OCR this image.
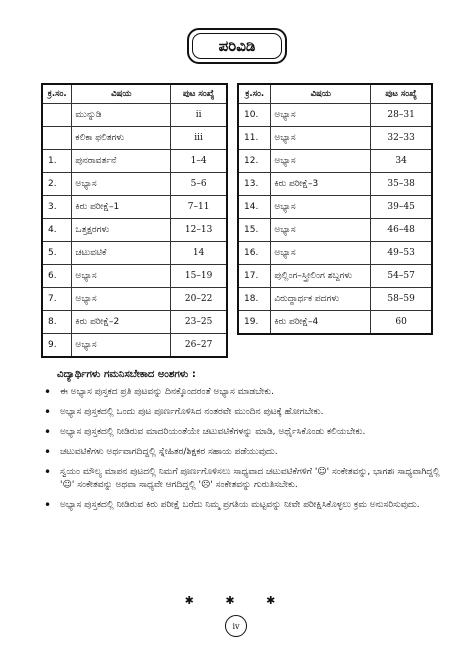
ಪರಿವಿಡಿ
ಕ್ರ.ಸಂ.	ವಿಷಯ	ಪುಟ ಸಂಖ್ಯೆ
	ಮುನ್ನುಡಿ	ii
	ಕಲಿಕಾ ಫಲಿತಗಳು	iii
1.	ಪುನರಾವರ್ತನೆ	1–4
2.	ಅಭ್ಯಾಸ	5–6
3.	ಕಿರು ಪರೀಕ್ಷೆ–1	7–11
4.	ಒತ್ತಕ್ಷರಗಳು	12–13
5.	ಚಟುವಟಿಕೆ	14
6.	ಅಭ್ಯಾಸ	15–19
7.	ಅಭ್ಯಾಸ	20–22
8.	ಕಿರು ಪರೀಕ್ಷೆ–2	23–25
9.	ಅಭ್ಯಾಸ	26–27
ಕ್ರ.ಸಂ.	ವಿಷಯ	ಪುಟ ಸಂಖ್ಯೆ
10.	ಅಭ್ಯಾಸ	28–31
11.	ಅಭ್ಯಾಸ	32–33
12.	ಅಭ್ಯಾಸ	34
13.	ಕಿರು ಪರೀಕ್ಷೆ–3	35–38
14.	ಅಭ್ಯಾಸ	39–45
15.	ಅಭ್ಯಾಸ	46–48
16.	ಅಭ್ಯಾಸ	49–53
17.	ಪುಲ್ಲಿಂಗ–ಸ್ತ್ರೀಲಿಂಗ ಶಬ್ದಗಳು	54–57
18.	ವಿರುದ್ಧಾರ್ಥಕ ಪದಗಳು	58–59
19.	ಕಿರು ಪರೀಕ್ಷೆ–4	60
ವಿದ್ಯಾರ್ಥಿಗಳು ಗಮನಿಸಬೇಕಾದ ಅಂಶಗಳು :
• ಈ ಅಭ್ಯಾಸ ಪುಸ್ತಕದ ಪ್ರತಿ ಪುಟವನ್ನು ದಿನಕ್ಕೊಂದರಂತೆ ಅಭ್ಯಾಸ ಮಾಡಬೇಕು.
• ಅಭ್ಯಾಸ ಪುಸ್ತಕದಲ್ಲಿ ಒಂದು ಪುಟ ಪೂರ್ಣಗೊಳಿಸಿದ ನಂತರವೇ ಮುಂದಿನ ಪುಟಕ್ಕೆ ಹೋಗಬೇಕು.
• ಅಭ್ಯಾಸ ಪುಸ್ತಕದಲ್ಲಿ ನೀಡಿರುವ ಮಾದರಿಯಂತೆಯೇ ಚಟುವಟಿಕೆಗಳನ್ನು ಮಾಡಿ, ಅರ್ಥೈಸಿಕೊಂಡು ಕಲಿಯಬೇಕು.
• ಚಟುವಟಿಕೆಗಳು ಅರ್ಥವಾಗದಿದ್ದಲ್ಲಿ ಸ್ನೇಹಿತರ/ಶಿಕ್ಷಕರ ಸಹಾಯ ಪಡೆಯುವುದು.
• ಸ್ವಯಂ ಮೌಲ್ಯ ಮಾಪನ ಪುಟದಲ್ಲಿ ನಿಮಗೆ ಪೂರ್ಣಗೊಳಿಸಲು ಸಾಧ್ಯವಾದ ಚಟುವಟಿಕೆಗಳಿಗೆ '☺' ಸಂಕೇತವನ್ನು, ಭಾಗಶಃ ಸಾಧ್ಯವಾಗಿದ್ದಲ್ಲಿ '☺' ಸಂಕೇತವನ್ನು ಅಥವಾ ಸಾಧ್ಯವೇ ಆಗದಿದ್ದಲ್ಲಿ '☹' ಸಂಕೇತವನ್ನು ಗುರುತಿಸಬೇಕು.
• ಅಭ್ಯಾಸ ಪುಸ್ತಕದಲ್ಲಿ ನೀಡಿರುವ ಕಿರು ಪರೀಕ್ಷೆ ಬರೆದು ನಿಮ್ಮ ಪ್ರಗತಿಯ ಮಟ್ಟವನ್ನು ನೀವೇ ಪರೀಕ್ಷಿಸಿಕೊಳ್ಳಲು ಕ್ರಮ ಅನುಸರಿಸುವುದು.
✱ ✱ ✱
iv
